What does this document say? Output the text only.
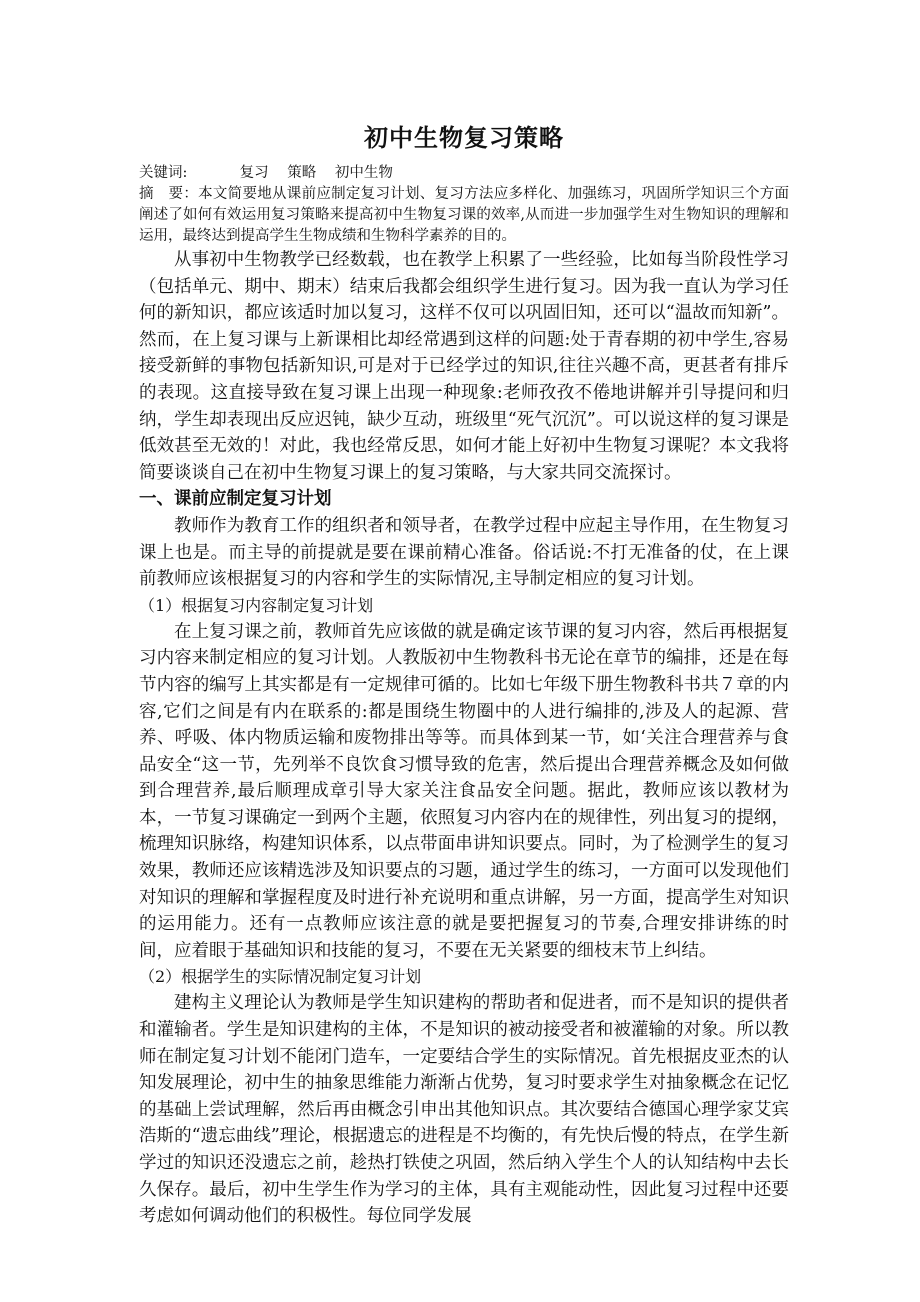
初中生物复习策略

关键词:	复习 策略 初中生物

摘　要：本文简要地从课前应制定复习计划、复习方法应多样化、加强练习，巩固所学知识三个方面阐述了如何有效运用复习策略来提高初中生物复习课的效率,从而进一步加强学生对生物知识的理解和运用，最终达到提高学生生物成绩和生物科学素养的目的。

从事初中生物教学已经数载，也在教学上积累了一些经验，比如每当阶段性学习（包括单元、期中、期末）结束后我都会组织学生进行复习。因为我一直认为学习任何的新知识，都应该适时加以复习，这样不仅可以巩固旧知，还可以“温故而知新”。然而，在上复习课与上新课相比却经常遇到这样的问题:处于青春期的初中学生,容易接受新鲜的事物包括新知识,可是对于已经学过的知识,往往兴趣不高，更甚者有排斥的表现。这直接导致在复习课上出现一种现象:老师孜孜不倦地讲解并引导提问和归纳，学生却表现出反应迟钝，缺少互动，班级里“死气沉沉”。可以说这样的复习课是低效甚至无效的！对此，我也经常反思，如何才能上好初中生物复习课呢？本文我将简要谈谈自己在初中生物复习课上的复习策略，与大家共同交流探讨。

一、课前应制定复习计划

教师作为教育工作的组织者和领导者，在教学过程中应起主导作用，在生物复习课上也是。而主导的前提就是要在课前精心准备。俗话说:不打无准备的仗，在上课前教师应该根据复习的内容和学生的实际情况,主导制定相应的复习计划。

（1）根据复习内容制定复习计划

在上复习课之前，教师首先应该做的就是确定该节课的复习内容，然后再根据复习内容来制定相应的复习计划。人教版初中生物教科书无论在章节的编排，还是在每节内容的编写上其实都是有一定规律可循的。比如七年级下册生物教科书共７章的内容,它们之间是有内在联系的:都是围绕生物圈中的人进行编排的,涉及人的起源、营养、呼吸、体内物质运输和废物排出等等。而具体到某一节，如‘关注合理营养与食品安全“这一节，先列举不良饮食习惯导致的危害，然后提出合理营养概念及如何做到合理营养,最后顺理成章引导大家关注食品安全问题。据此，教师应该以教材为本，一节复习课确定一到两个主题，依照复习内容内在的规律性，列出复习的提纲，梳理知识脉络，构建知识体系，以点带面串讲知识要点。同时，为了检测学生的复习效果，教师还应该精选涉及知识要点的习题，通过学生的练习，一方面可以发现他们对知识的理解和掌握程度及时进行补充说明和重点讲解，另一方面，提高学生对知识的运用能力。还有一点教师应该注意的就是要把握复习的节奏,合理安排讲练的时间，应着眼于基础知识和技能的复习，不要在无关紧要的细枝末节上纠结。

（2）根据学生的实际情况制定复习计划

建构主义理论认为教师是学生知识建构的帮助者和促进者，而不是知识的提供者和灌输者。学生是知识建构的主体，不是知识的被动接受者和被灌输的对象。所以教师在制定复习计划不能闭门造车，一定要结合学生的实际情况。首先根据皮亚杰的认知发展理论，初中生的抽象思维能力渐渐占优势，复习时要求学生对抽象概念在记忆的基础上尝试理解，然后再由概念引申出其他知识点。其次要结合德国心理学家艾宾浩斯的“遗忘曲线”理论，根据遗忘的进程是不均衡的，有先快后慢的特点，在学生新学过的知识还没遗忘之前，趁热打铁使之巩固，然后纳入学生个人的认知结构中去长久保存。最后，初中生学生作为学习的主体，具有主观能动性，因此复习过程中还要考虑如何调动他们的积极性。每位同学发展
